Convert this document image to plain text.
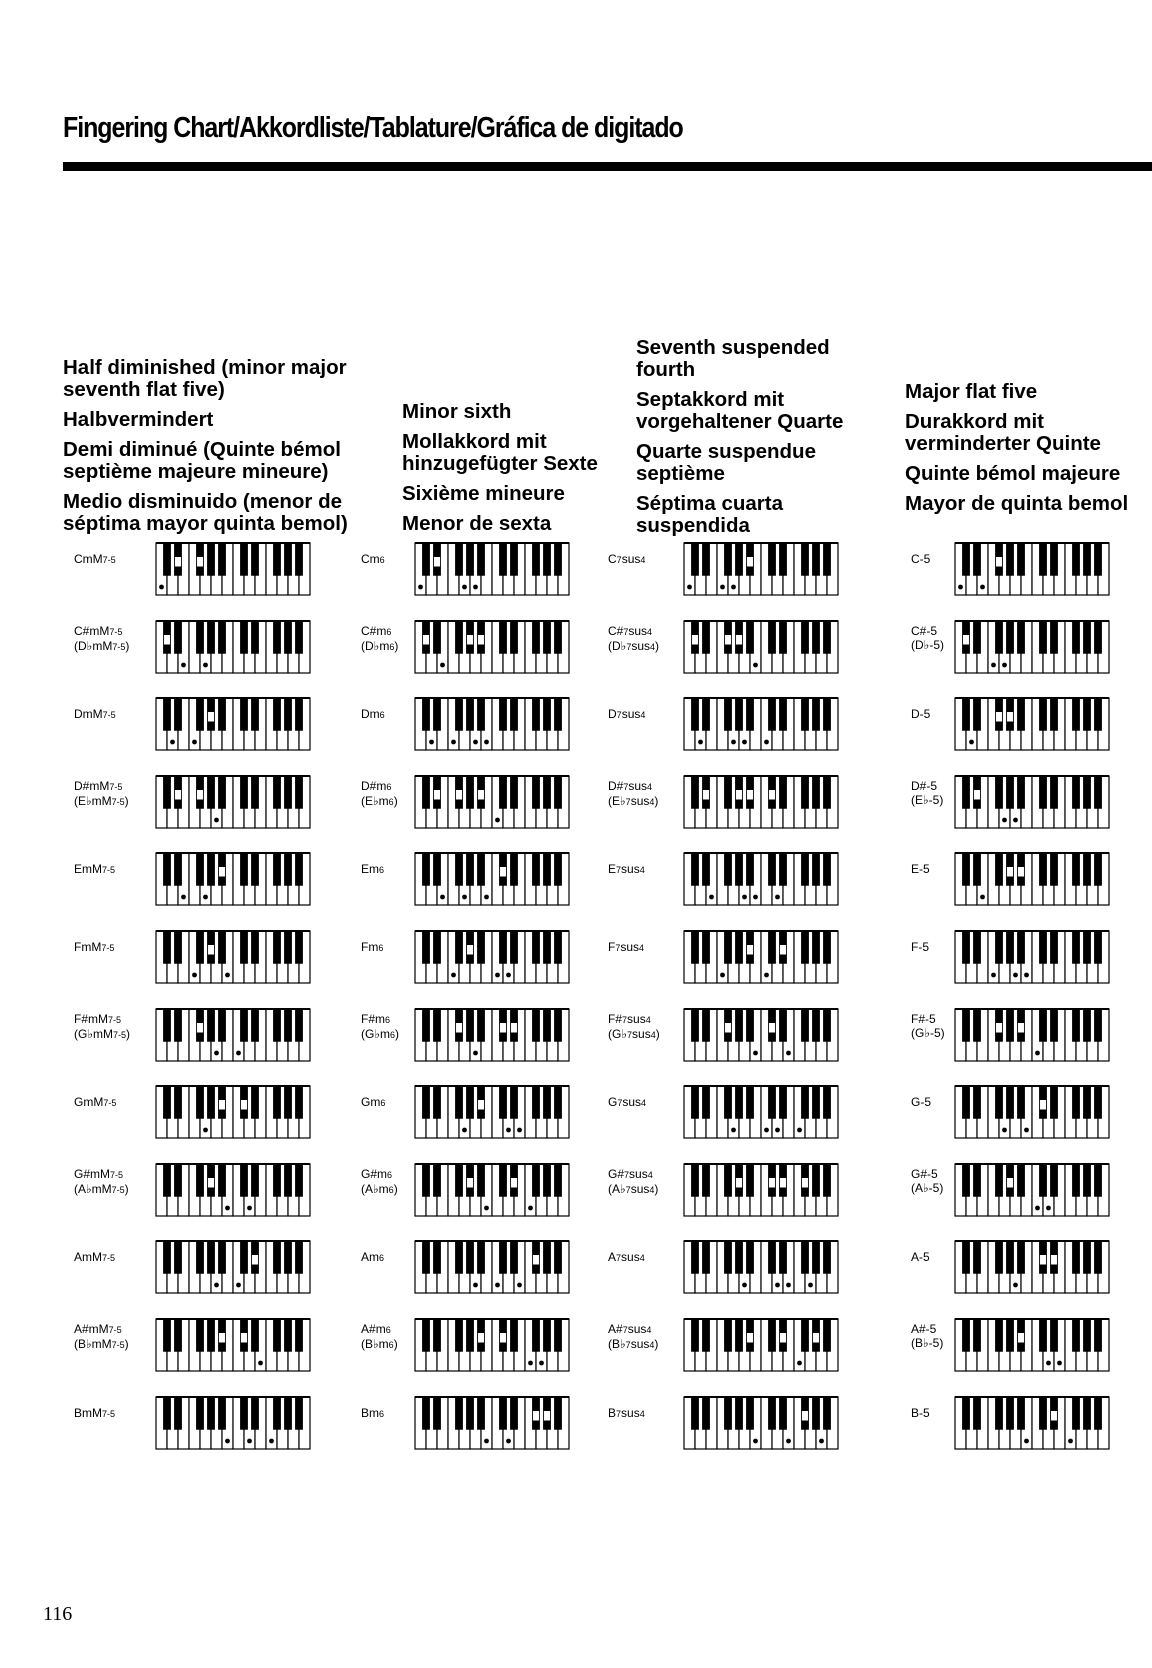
Fingering Chart/Akkordliste/Tablature/Gráfica de digitado
Half diminished (minor major seventh flat five)
Halbvermindert
Demi diminué (Quinte bémol septième majeure mineure)
Medio disminuido (menor de séptima mayor quinta bemol)
Minor sixth
Mollakkord mit hinzugefügter Sexte
Sixième mineure
Menor de sexta
Seventh suspended fourth
Septakkord mit vorgehaltener Quarte
Quarte suspendue septième
Séptima cuarta suspendida
Major flat five
Durakkord mit verminderter Quinte
Quinte bémol majeure
Mayor de quinta bemol
CmM7-5
C#mM7-5
(D♭mM7-5)
DmM7-5
D#mM7-5
(E♭mM7-5)
EmM7-5
FmM7-5
F#mM7-5
(G♭mM7-5)
GmM7-5
G#mM7-5
(A♭mM7-5)
AmM7-5
A#mM7-5
(B♭mM7-5)
BmM7-5
Cm6
C#m6
(D♭m6)
Dm6
D#m6
(E♭m6)
Em6
Fm6
F#m6
(G♭m6)
Gm6
G#m6
(A♭m6)
Am6
A#m6
(B♭m6)
Bm6
C7sus4
C#7sus4
(D♭7sus4)
D7sus4
D#7sus4
(E♭7sus4)
E7sus4
F7sus4
F#7sus4
(G♭7sus4)
G7sus4
G#7sus4
(A♭7sus4)
A7sus4
A#7sus4
(B♭7sus4)
B7sus4
C-5
C#-5
(D♭-5)
D-5
D#-5
(E♭-5)
E-5
F-5
F#-5
(G♭-5)
G-5
G#-5
(A♭-5)
A-5
A#-5
(B♭-5)
B-5
116
